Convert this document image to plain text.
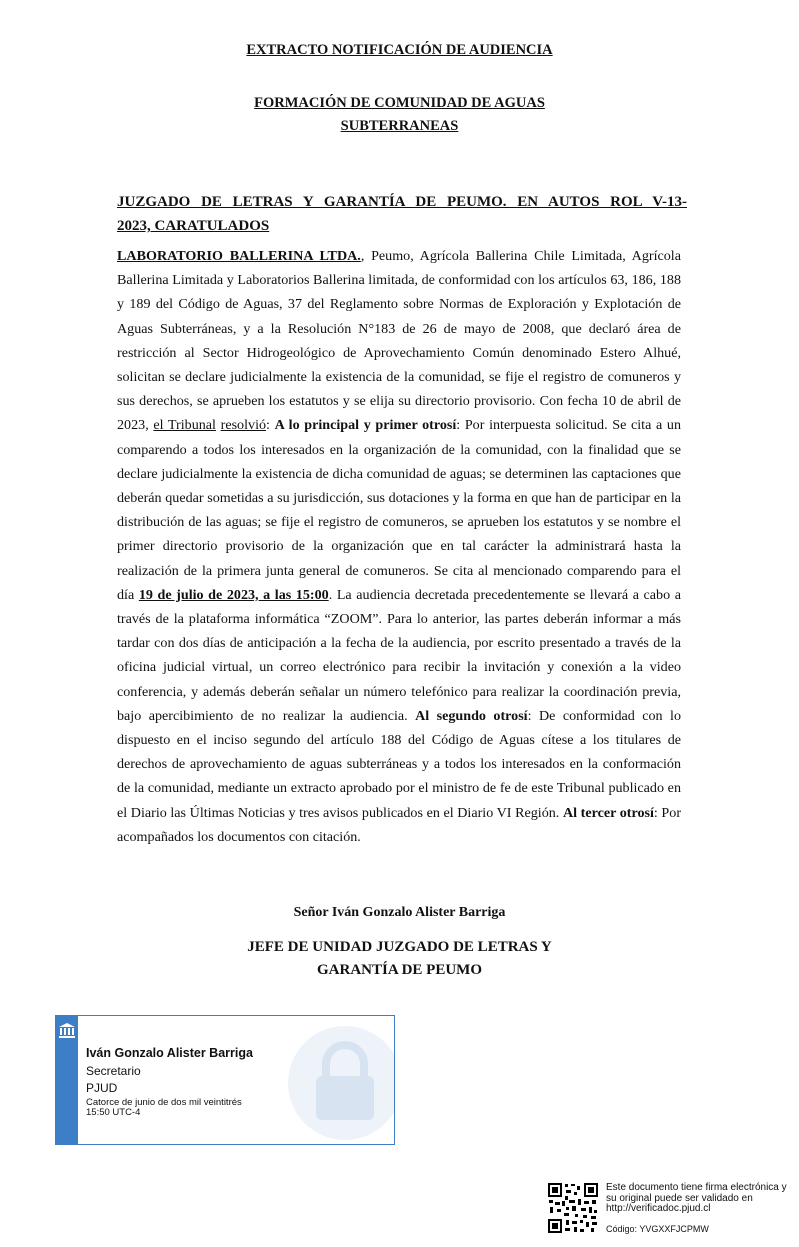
EXTRACTO NOTIFICACIÓN DE AUDIENCIA
FORMACIÓN DE COMUNIDAD DE AGUAS
SUBTERRANEAS
JUZGADO DE LETRAS Y GARANTÍA DE PEUMO. EN AUTOS ROL V-13-
2023, CARATULADOS
LABORATORIO BALLERINA LTDA., Peumo, Agrícola Ballerina Chile Limitada, Agrícola Ballerina Limitada y Laboratorios Ballerina limitada, de conformidad con los artículos 63, 186, 188 y 189 del Código de Aguas, 37 del Reglamento sobre Normas de Exploración y Explotación de Aguas Subterráneas, y a la Resolución N°183 de 26 de mayo de 2008, que declaró área de restricción al Sector Hidrogeológico de Aprovechamiento Común denominado Estero Alhué, solicitan se declare judicialmente la existencia de la comunidad, se fije el registro de comuneros y sus derechos, se aprueben los estatutos y se elija su directorio provisorio. Con fecha 10 de abril de 2023, el Tribunal resolvió: A lo principal y primer otrosí: Por interpuesta solicitud. Se cita a un comparendo a todos los interesados en la organización de la comunidad, con la finalidad que se declare judicialmente la existencia de dicha comunidad de aguas; se determinen las captaciones que deberán quedar sometidas a su jurisdicción, sus dotaciones y la forma en que han de participar en la distribución de las aguas; se fije el registro de comuneros, se aprueben los estatutos y se nombre el primer directorio provisorio de la organización que en tal carácter la administrará hasta la realización de la primera junta general de comuneros. Se cita al mencionado comparendo para el día 19 de julio de 2023, a las 15:00. La audiencia decretada precedentemente se llevará a cabo a través de la plataforma informática “ZOOM”. Para lo anterior, las partes deberán informar a más tardar con dos días de anticipación a la fecha de la audiencia, por escrito presentado a través de la oficina judicial virtual, un correo electrónico para recibir la invitación y conexión a la video conferencia, y además deberán señalar un número telefónico para realizar la coordinación previa, bajo apercibimiento de no realizar la audiencia. Al segundo otrosí: De conformidad con lo dispuesto en el inciso segundo del artículo 188 del Código de Aguas cítese a los titulares de derechos de aprovechamiento de aguas subterráneas y a todos los interesados en la conformación de la comunidad, mediante un extracto aprobado por el ministro de fe de este Tribunal publicado en el Diario las Últimas Noticias y tres avisos publicados en el Diario VI Región. Al tercer otrosí: Por acompañados los documentos con citación.
Señor Iván Gonzalo Alister Barriga
JEFE DE UNIDAD JUZGADO DE LETRAS Y
GARANTÍA DE PEUMO
Iván Gonzalo Alister Barriga
Secretario
PJUD
Catorce de junio de dos mil veintitrés
15:50 UTC-4
Este documento tiene firma electrónica y su original puede ser validado en http://verificadoc.pjud.cl
Código: YVGXXFJCPMW
